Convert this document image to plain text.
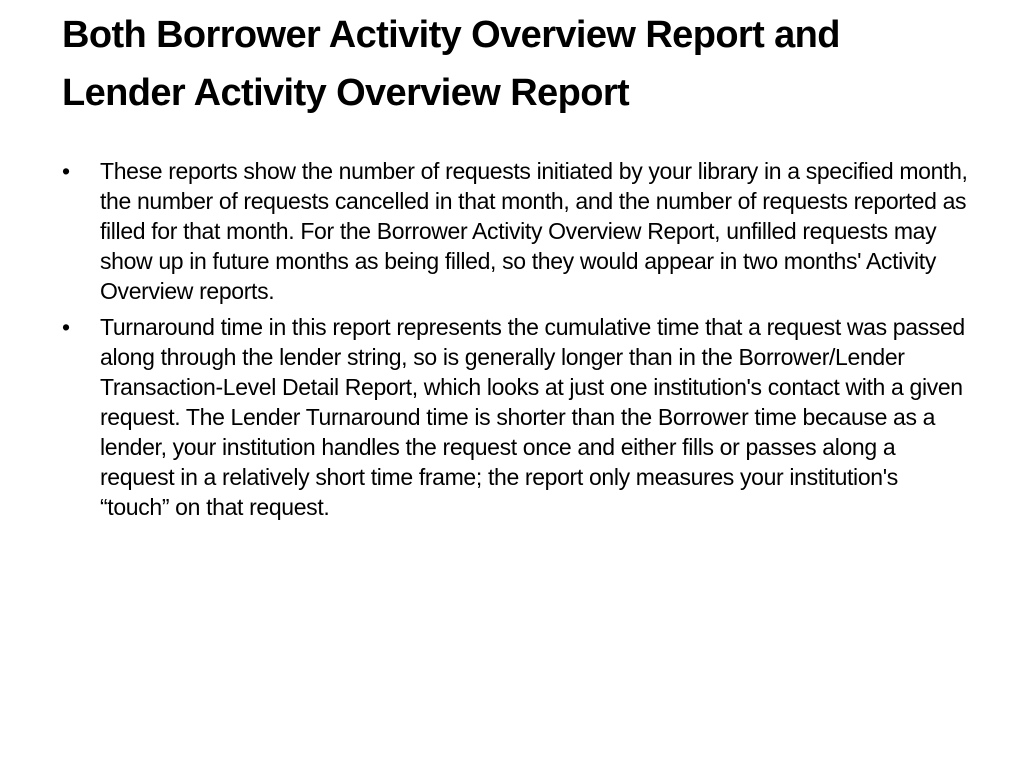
Both Borrower Activity Overview Report and Lender Activity Overview Report
•	These reports show the number of requests initiated by your library in a specified month, the number of requests cancelled in that month, and the number of requests reported as filled for that month. For the Borrower Activity Overview Report, unfilled requests may show up in future months as being filled, so they would appear in two months' Activity Overview reports.
•	Turnaround time in this report represents the cumulative time that a request was passed along through the lender string, so is generally longer than in the Borrower/Lender Transaction-Level Detail Report, which looks at just one institution's contact with a given request. The Lender Turnaround time is shorter than the Borrower time because as a lender, your institution handles the request once and either fills or passes along a request in a relatively short time frame; the report only measures your institution's “touch” on that request.
